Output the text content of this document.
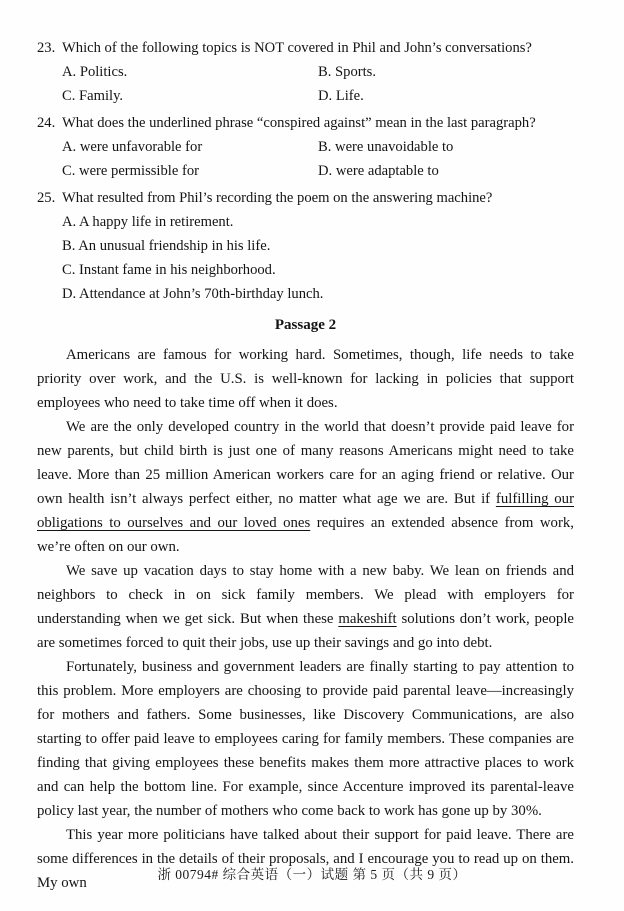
23. Which of the following topics is NOT covered in Phil and John’s conversations?
A. Politics.	B. Sports.
C. Family.	D. Life.
24. What does the underlined phrase “conspired against” mean in the last paragraph?
A. were unfavorable for	B. were unavoidable to
C. were permissible for	D. were adaptable to
25. What resulted from Phil’s recording the poem on the answering machine?
A. A happy life in retirement.
B. An unusual friendship in his life.
C. Instant fame in his neighborhood.
D. Attendance at John’s 70th-birthday lunch.
Passage 2

Americans are famous for working hard. Sometimes, though, life needs to take priority over work, and the U.S. is well-known for lacking in policies that support employees who need to take time off when it does.

We are the only developed country in the world that doesn’t provide paid leave for new parents, but child birth is just one of many reasons Americans might need to take leave. More than 25 million American workers care for an aging friend or relative. Our own health isn’t always perfect either, no matter what age we are. But if fulfilling our obligations to ourselves and our loved ones requires an extended absence from work, we’re often on our own.

We save up vacation days to stay home with a new baby. We lean on friends and neighbors to check in on sick family members. We plead with employers for understanding when we get sick. But when these makeshift solutions don’t work, people are sometimes forced to quit their jobs, use up their savings and go into debt.

Fortunately, business and government leaders are finally starting to pay attention to this problem. More employers are choosing to provide paid parental leave—increasingly for mothers and fathers. Some businesses, like Discovery Communications, are also starting to offer paid leave to employees caring for family members. These companies are finding that giving employees these benefits makes them more attractive places to work and can help the bottom line. For example, since Accenture improved its parental-leave policy last year, the number of mothers who come back to work has gone up by 30%.

This year more politicians have talked about their support for paid leave. There are some differences in the details of their proposals, and I encourage you to read up on them. My own

浙 00794# 综合英语（一）试题 第 5 页（共 9 页）
